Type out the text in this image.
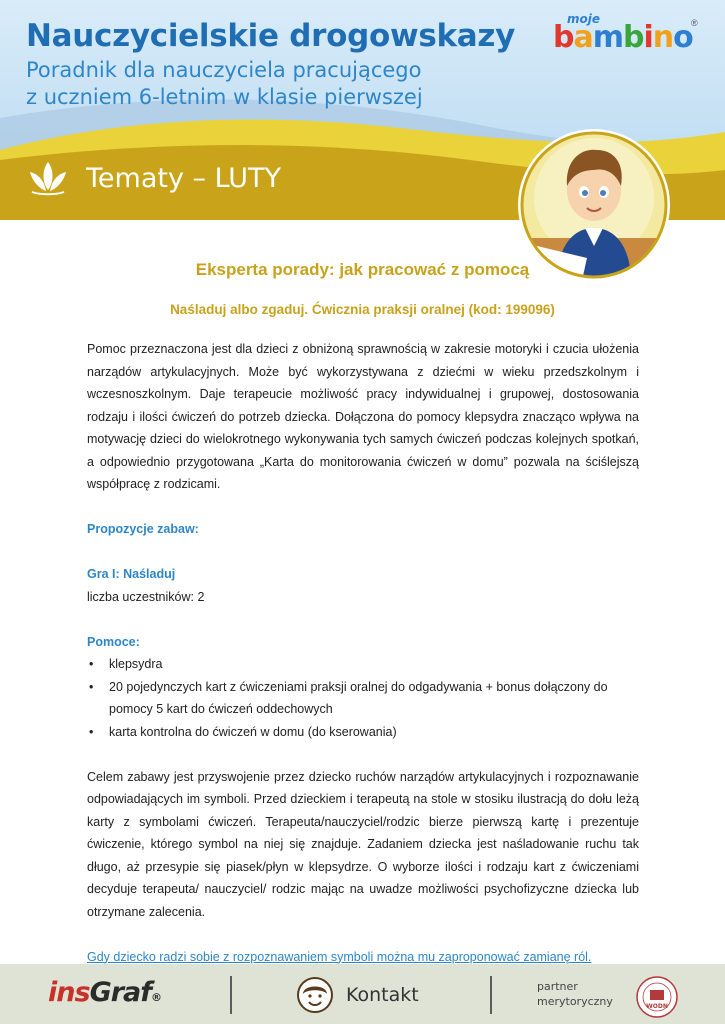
Nauczycielskie drogowskazy
Poradnik dla nauczyciela pracującego
z uczniem 6-letnim w klasie pierwszej
moje
bambino
®
Tematy – LUTY
Eksperta porady: jak pracować z pomocą
Naśladuj albo zgaduj. Ćwicznia praksji oralnej (kod: 199096)

Pomoc przeznaczona jest dla dzieci z obniżoną sprawnością w zakresie motoryki i czucia ułożenia narządów artykulacyjnych. Może być wykorzystywana z dziećmi w wieku przedszkolnym i wczesnoszkolnym. Daje terapeucie możliwość pracy indywidualnej i grupowej, dostosowania rodzaju i ilości ćwiczeń do potrzeb dziecka. Dołączona do pomocy klepsydra znacząco wpływa na motywację dzieci do wielokrotnego wykonywania tych samych ćwiczeń podczas kolejnych spotkań, a odpowiednio przygotowana „Karta do monitorowania ćwiczeń w domu” pozwala na ściślejszą współpracę z rodzicami.

Propozycje zabaw:

Gra I: Naśladuj

liczba uczestników: 2

Pomoce:

• klepsydra
• 20 pojedynczych kart z ćwiczeniami praksji oralnej do odgadywania + bonus dołączony do pomocy 5 kart do ćwiczeń oddechowych
• karta kontrolna do ćwiczeń w domu (do kserowania)

Celem zabawy jest przyswojenie przez dziecko ruchów narządów artykulacyjnych i rozpoznawanie odpowiadających im symboli. Przed dzieckiem i terapeutą na stole w stosiku ilustracją do dołu leżą karty z symbolami ćwiczeń. Terapeuta/nauczyciel/rodzic bierze pierwszą kartę i prezentuje ćwiczenie, którego symbol na niej się znajduje. Zadaniem dziecka jest naśladowanie ruchu tak długo, aż przesypie się piasek/płyn w klepsydrze. O wyborze ilości i rodzaju kart z ćwiczeniami decyduje terapeuta/ nauczyciel/ rodzic mając na uwadze możliwości psychofizyczne dziecka lub otrzymane zalecenia.

Gdy dziecko radzi sobie z rozpoznawaniem symboli można mu zaproponować zamianę ról.
insGraf®	Kontakt	partner
merytoryczny	WODN
